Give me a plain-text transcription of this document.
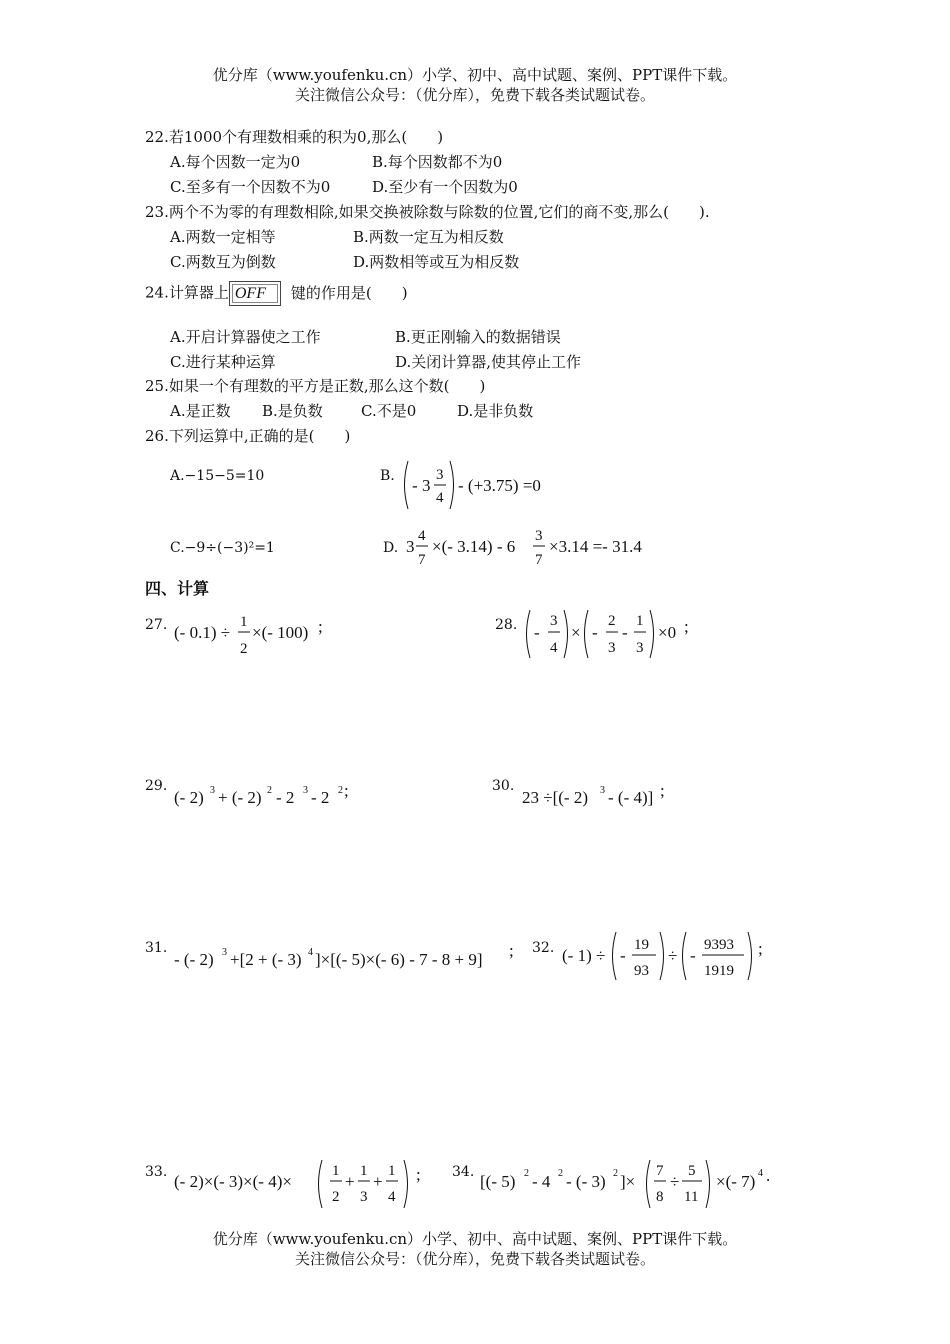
优分库（www.youfenku.cn）小学、初中、高中试题、案例、PPT课件下载。
关注微信公众号：（优分库），免费下载各类试题试卷。
22.若1000个有理数相乘的积为0,那么(　　)
A.每个因数一定为0	B.每个因数都不为0
C.至多有一个因数不为0	D.至少有一个因数为0
23.两个不为零的有理数相除,如果交换被除数与除数的位置,它们的商不变,那么(　　).
A.两数一定相等	B.两数一定互为相反数
C.两数互为倒数	D.两数相等或互为相反数
24.计算器上 OFF 键的作用是(　　)
A.开启计算器使之工作	B.更正刚输入的数据错误
C.进行某种运算	D.关闭计算器,使其停止工作
25.如果一个有理数的平方是正数,那么这个数(　　)
A.是正数 B.是负数	C.不是0	D.是非负数
26.下列运算中,正确的是(　　)
A.−15−5=10	B. - 3
3
4
- (+3.75) =0
C.−9÷(−3)²=1	D. 3
4
7
×(- 3.14) - 6
3
7
×3.14 =- 31.4
四、计算
27. (- 0.1) ÷
1
2
×(- 100) ;	28. -
3
4
× -
2
3
-
1
3
×0 ;
29.
(- 2) 3 + (- 2) 2 - 2 3 - 2 2 ;	30.
23 ÷[(- 2) 3 - (- 4)] ;
31.
- (- 2) 3 +[2 + (- 3) 4 ]×[(- 5)×(- 6) - 7 - 8 + 9] ; 32. (- 1) ÷ -
19
93
÷ -
9393
1919
;
33. (- 2)×(- 3)×(- 4)×
1
2
+
1
3
+
1
4
; 34. [(- 5) 2 - 4 2 - (- 3) 2 ]×
7
8
÷
5
11
×(- 7) 4 .
优分库（www.youfenku.cn）小学、初中、高中试题、案例、PPT课件下载。
关注微信公众号：（优分库），免费下载各类试题试卷。
